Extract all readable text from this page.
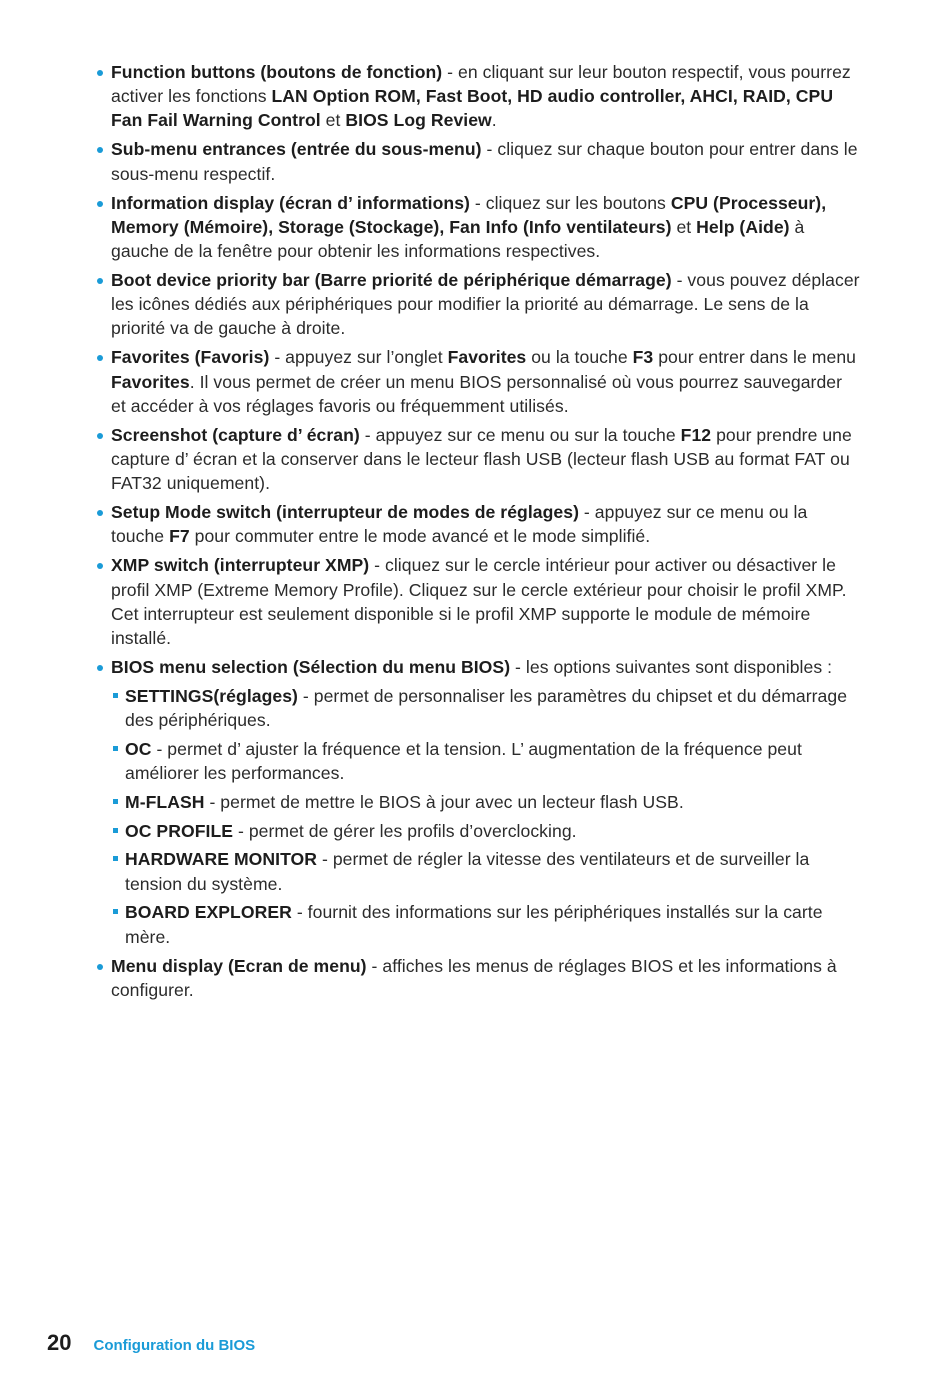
Function buttons (boutons de fonction) - en cliquant sur leur bouton respectif, vous pourrez activer les fonctions LAN Option ROM, Fast Boot, HD audio controller, AHCI, RAID, CPU Fan Fail Warning Control et BIOS Log Review.
Sub-menu entrances (entrée du sous-menu) - cliquez sur chaque bouton pour entrer dans le sous-menu respectif.
Information display (écran d’ informations) - cliquez sur les boutons CPU (Processeur), Memory (Mémoire), Storage (Stockage), Fan Info (Info ventilateurs) et Help (Aide) à gauche de la fenêtre pour obtenir les informations respectives.
Boot device priority bar (Barre priorité de périphérique démarrage) - vous pouvez déplacer les icônes dédiés aux périphériques pour modifier la priorité au démarrage. Le sens de la priorité va de gauche à droite.
Favorites (Favoris) - appuyez sur l’onglet Favorites ou la touche F3 pour entrer dans le menu Favorites. Il vous permet de créer un menu BIOS personnalisé où vous pourrez sauvegarder et accéder à vos réglages favoris ou fréquemment utilisés.
Screenshot (capture d’ écran) - appuyez sur ce menu ou sur la touche F12 pour prendre une capture d’ écran et la conserver dans le lecteur flash USB (lecteur flash USB au format FAT ou FAT32 uniquement).
Setup Mode switch (interrupteur de modes de réglages) - appuyez sur ce menu ou la touche F7 pour commuter entre le mode avancé et le mode simplifié.
XMP switch (interrupteur XMP) - cliquez sur le cercle intérieur pour activer ou désactiver le profil XMP (Extreme Memory Profile). Cliquez sur le cercle extérieur pour choisir le profil XMP. Cet interrupteur est seulement disponible si le profil XMP supporte le module de mémoire installé.
BIOS menu selection (Sélection du menu BIOS) - les options suivantes sont disponibles :
SETTINGS(réglages) - permet de personnaliser les paramètres du chipset et du démarrage des périphériques.
OC - permet d’ ajuster la fréquence et la tension. L’ augmentation de la fréquence peut améliorer les performances.
M-FLASH - permet de mettre le BIOS à jour avec un lecteur flash USB.
OC PROFILE - permet de gérer les profils d’overclocking.
HARDWARE MONITOR - permet de régler la vitesse des ventilateurs et de surveiller la tension du système.
BOARD EXPLORER - fournit des informations sur les périphériques installés sur la carte mère.
Menu display (Ecran de menu) - affiches les menus de réglages BIOS et les informations à configurer.
20 Configuration du BIOS
